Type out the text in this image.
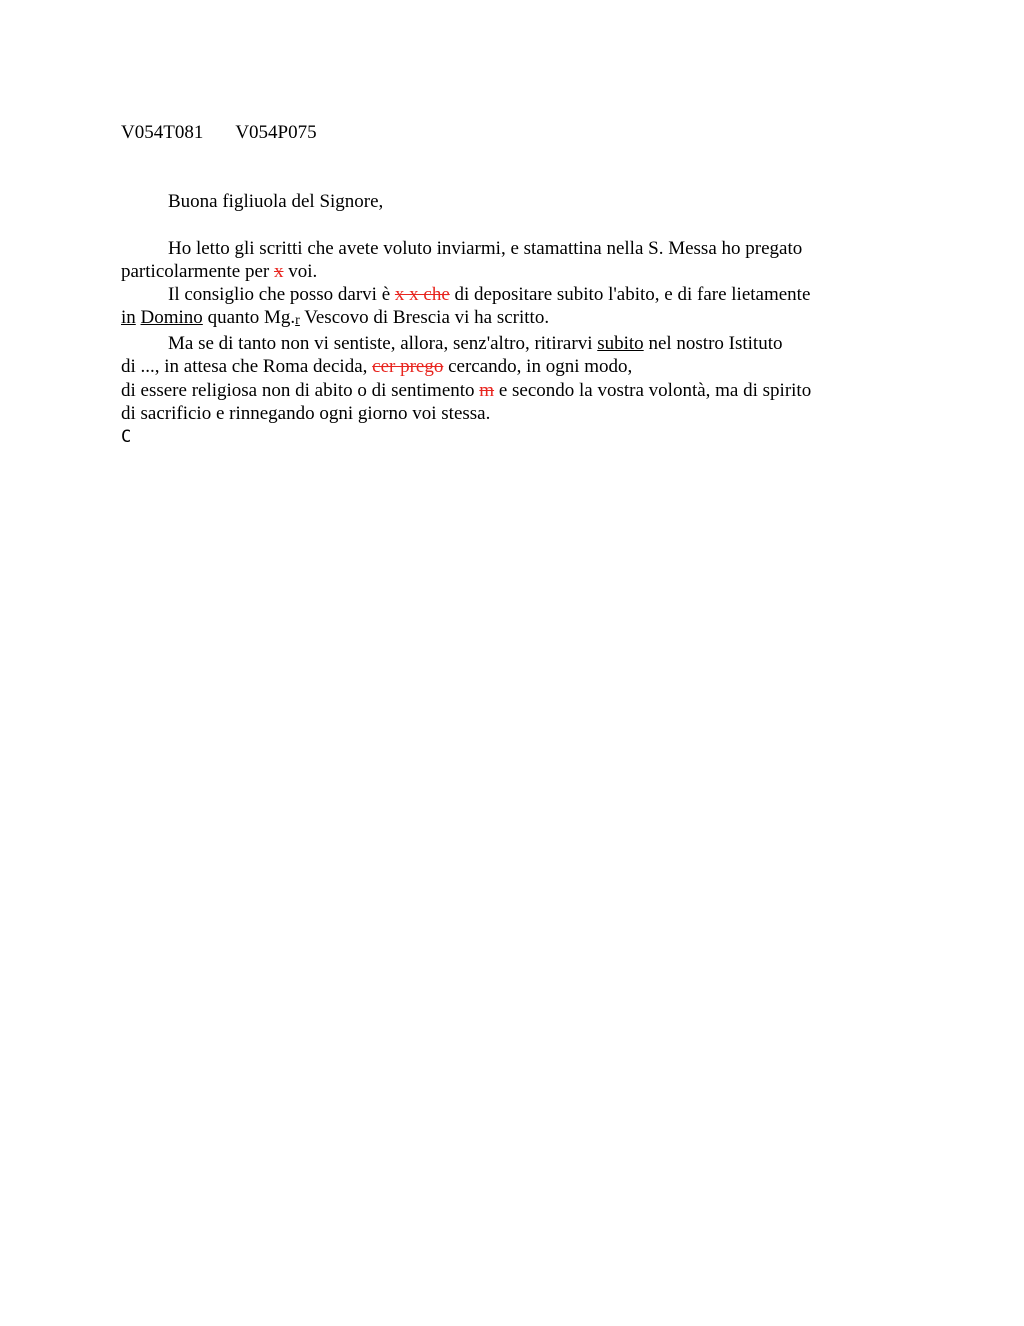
V054T081 V054P075
Buona figliuola del Signore,
Ho letto gli scritti che avete voluto inviarmi, e stamattina nella S. Messa ho pregato
particolarmente per x voi.
Il consiglio che posso darvi è x x che di depositare subito l'abito, e di fare lietamente
in Domino quanto Mg.r Vescovo di Brescia vi ha scritto.
Ma se di tanto non vi sentiste, allora, senz'altro, ritirarvi subito nel nostro Istituto
di ..., in attesa che Roma decida, cer prego cercando, in ogni modo,
di essere religiosa non di abito o di sentimento m e secondo la vostra volontà, ma di spirito
di sacrificio e rinnegando ogni giorno voi stessa.
C
